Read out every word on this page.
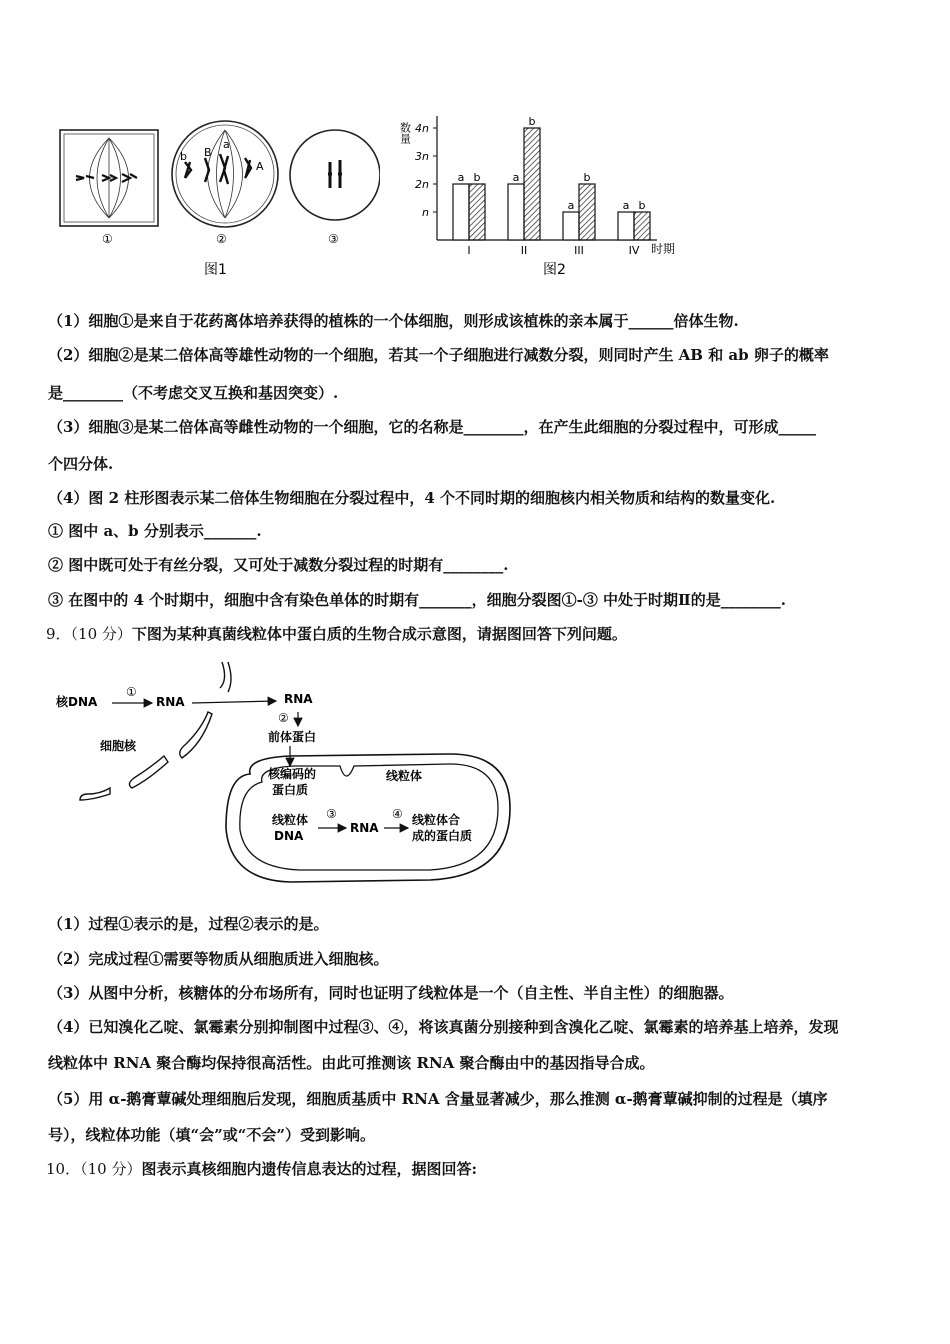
①
b B
a
A
②	③
图1
数量
n
2n
3n
4n
a b	a
b
a
b
a b
I	II	III	IV 时期
图2
（1）细胞①是来自于花药离体培养获得的植株的一个体细胞，则形成该植株的亲本属于______倍体生物.
（2）细胞②是某二倍体高等雄性动物的一个细胞，若其一个子细胞进行减数分裂，则同时产生 AB 和 ab 卵子的概率
是________（不考虑交叉互换和基因突变）.
（3）细胞③是某二倍体高等雌性动物的一个细胞，它的名称是________，在产生此细胞的分裂过程中，可形成_____
个四分体.
（4）图 2 柱形图表示某二倍体生物细胞在分裂过程中，4 个不同时期的细胞核内相关物质和结构的数量变化.
① 图中 a、b 分别表示_______.
② 图中既可处于有丝分裂，又可处于减数分裂过程的时期有________.
③ 在图中的 4 个时期中，细胞中含有染色单体的时期有_______，细胞分裂图①-③ 中处于时期Ⅱ的是________.
9．（10 分）下图为某种真菌线粒体中蛋白质的生物合成示意图，请据图回答下列问题。
核DNA
①
RNA	RNA
②
前体蛋白
细胞核
核编码的
蛋白质
线粒体
线粒体
DNA
③
RNA
④ 线粒体合
成的蛋白质
（1）过程①表示的是，过程②表示的是。
（2）完成过程①需要等物质从细胞质进入细胞核。
（3）从图中分析，核糖体的分布场所有，同时也证明了线粒体是一个（自主性、半自主性）的细胞器。
（4）已知溴化乙啶、氯霉素分别抑制图中过程③、④，将该真菌分别接种到含溴化乙啶、氯霉素的培养基上培养，发现
线粒体中 RNA 聚合酶均保持很高活性。由此可推测该 RNA 聚合酶由中的基因指导合成。
（5）用 α-鹅膏蕈碱处理细胞后发现，细胞质基质中 RNA 含量显著减少，那么推测 α-鹅膏蕈碱抑制的过程是（填序
号），线粒体功能（填“会”或“不会”）受到影响。
10．（10 分）图表示真核细胞内遗传信息表达的过程，据图回答:
